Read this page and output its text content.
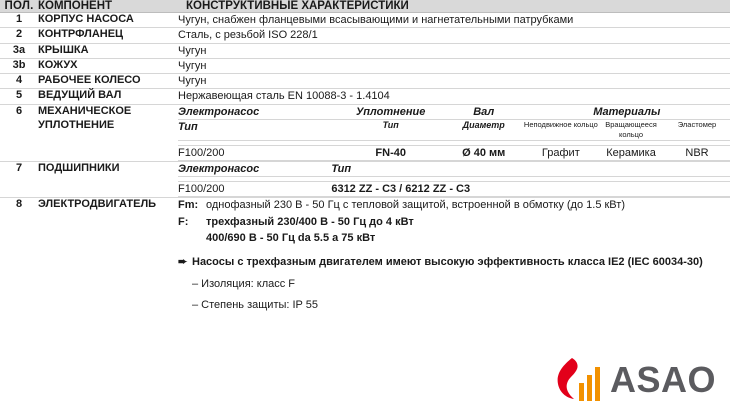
ПОЛ.	КОМПОНЕНТ	КОНСТРУКТИВНЫЕ ХАРАКТЕРИСТИКИ
1	КОРПУС НАСОСА	Чугун, снабжен фланцевыми всасывающими и нагнетательными патрубками
2	КОНТРФЛАНЕЦ	Сталь, с резьбой ISO 228/1
3a	КРЫШКА	Чугун
3b	КОЖУХ	Чугун
4	РАБОЧЕЕ КОЛЕСО	Чугун
5	ВЕДУЩИЙ ВАЛ	Нержавеющая сталь EN 10088-3 - 1.4104
6	МЕХАНИЧЕСКОЕ
УПЛОТНЕНИЕ

Электронасос	Уплотнение	Вал	Материалы
Тип	Тип	Диаметр	Неподвижное кольцо	Вращающееся кольцо	Эластомер

F100/200	FN-40	Ø 40 мм	Графит	Керамика	NBR

7	ПОДШИПНИКИ		Электронасос	Тип

F100/200	6312 ZZ - C3 / 6212 ZZ - C3

8	ЭЛЕКТРОДВИГАТЕЛЬ	Fm:	однофазный 230 В - 50 Гц с тепловой защитой, встроенной в обмотку (до 1.5 кВт)
F:	трехфазный 230/400 В - 50 Гц до 4 кВт
	400/690 В - 50 Гц da 5.5 а 75 кВт
➨ Насосы с трехфазным двигателем имеют высокую эффективность класса IE2 (IEC 60034-30)
– Изоляция: класс F
– Степень защиты: IP 55
ASAO
